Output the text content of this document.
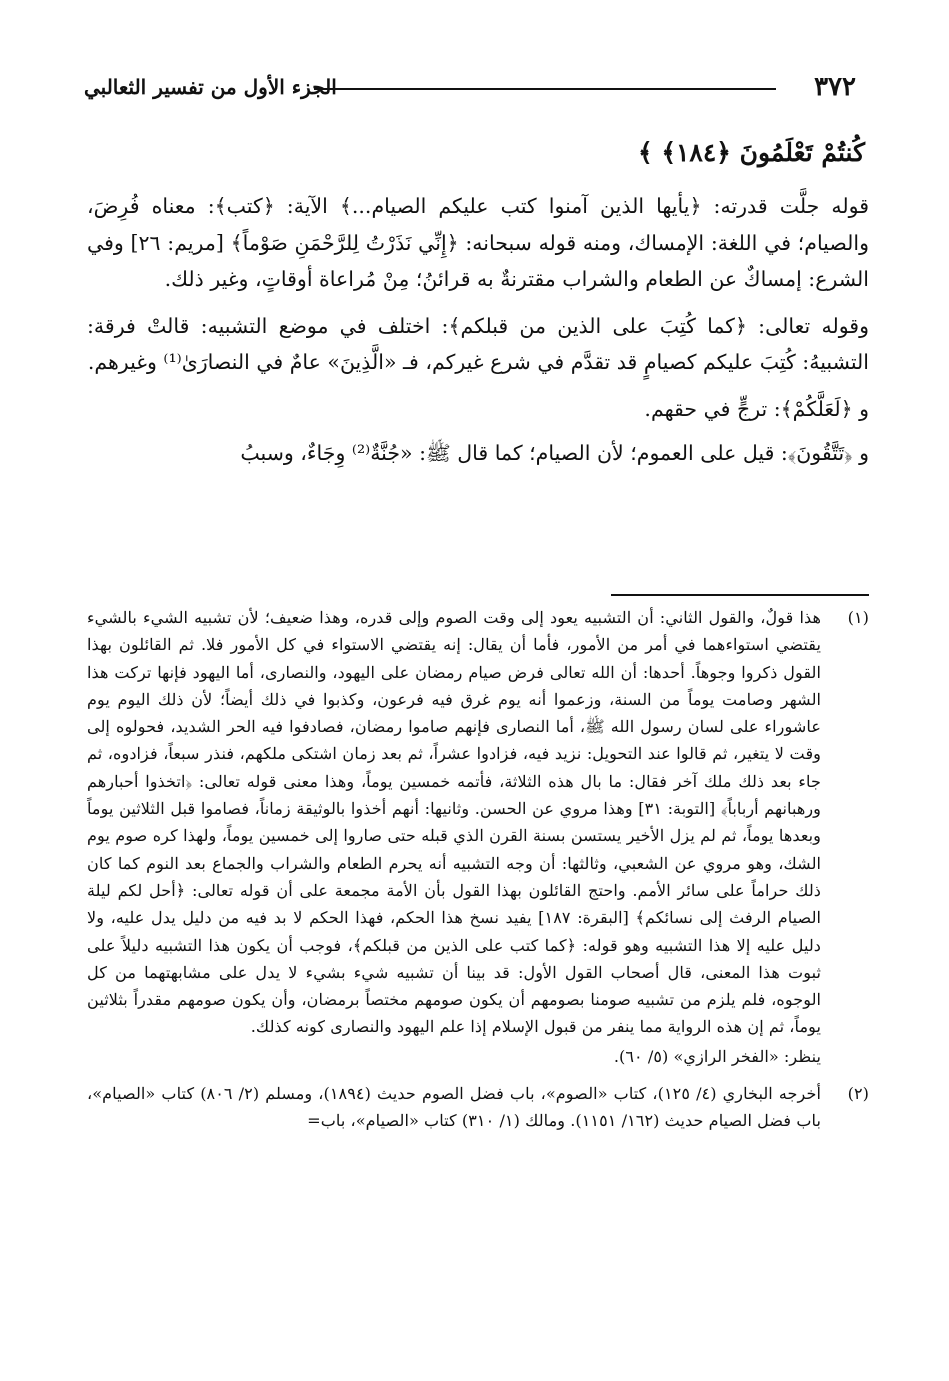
٣٧٢
الجزء الأول من تفسير الثعالبي
كُنتُمْ تَعْلَمُونَ ﴿١٨٤﴾ ﴾

قوله جلَّت قدرته: ﴿يأيها الذين آمنوا كتب عليكم الصيام...﴾ الآية: ﴿كتب﴾: معناه فُرِضَ، والصيام؛ في اللغة: الإمساك، ومنه قوله سبحانه: ﴿إِنِّي نَذَرْتُ لِلرَّحْمَنِ صَوْماً﴾ [مريم: ٢٦] وفي الشرع: إمساكٌ عن الطعام والشراب مقترنةٌ به قرائنُ؛ مِنْ مُراعاة أوقاتٍ، وغير ذلك.

وقوله تعالى: ﴿كما كُتِبَ على الذين من قبلكم﴾: اختلف في موضع التشبيه: قالتْ فرقة: التشبيهُ: كُتِبَ عليكم كصيامٍ قد تقدَّم في شرع غيركم، فـ «الَّذِينَ» عامٌ في النصارَىٰ⁽¹⁾ وغيرهم.

و ﴿لَعَلَّكُمْ﴾: ترجٍّ في حقهم.

و ﴿تَتَّقُونَ﴾: قيل على العموم؛ لأن الصيام؛ كما قال ﷺ: «جُنَّةٌ⁽²⁾ وِجَاءٌ، وسببُ

(١)
هذا قولٌ، والقول الثاني: أن التشبيه يعود إلى وقت الصوم وإلى قدره، وهذا ضعيف؛ لأن تشبيه الشيء بالشيء يقتضي استواءهما في أمر من الأمور، فأما أن يقال: إنه يقتضي الاستواء في كل الأمور فلا. ثم القائلون بهذا القول ذكروا وجوهاً. أحدها: أن الله تعالى فرض صيام رمضان على اليهود، والنصارى، أما اليهود فإنها تركت هذا الشهر وصامت يوماً من السنة، وزعموا أنه يوم غرق فيه فرعون، وكذبوا في ذلك أيضاً؛ لأن ذلك اليوم يوم عاشوراء على لسان رسول الله ﷺ، أما النصارى فإنهم صاموا رمضان، فصادفوا فيه الحر الشديد، فحولوه إلى وقت لا يتغير، ثم قالوا عند التحويل: نزيد فيه، فزادوا عشراً، ثم بعد زمان اشتكى ملكهم، فنذر سبعاً، فزادوه، ثم جاء بعد ذلك ملك آخر فقال: ما بال هذه الثلاثة، فأتمه خمسين يوماً، وهذا معنى قوله تعالى: ﴿اتخذوا أحبارهم ورهبانهم أرباباً﴾ [التوبة: ٣١] وهذا مروي عن الحسن. وثانيها: أنهم أخذوا بالوثيقة زماناً، فصاموا قبل الثلاثين يوماً وبعدها يوماً، ثم لم يزل الأخير يستسن بسنة القرن الذي قبله حتى صاروا إلى خمسين يوماً، ولهذا كره صوم يوم الشك، وهو مروي عن الشعبي، وثالثها: أن وجه التشبيه أنه يحرم الطعام والشراب والجماع بعد النوم كما كان ذلك حراماً على سائر الأمم. واحتج القائلون بهذا القول بأن الأمة مجمعة على أن قوله تعالى: ﴿أحل لكم ليلة الصيام الرفث إلى نسائكم﴾ [البقرة: ١٨٧] يفيد نسخ هذا الحكم، فهذا الحكم لا بد فيه من دليل يدل عليه، ولا دليل عليه إلا هذا التشبيه وهو قوله: ﴿كما كتب على الذين من قبلكم﴾، فوجب أن يكون هذا التشبيه دليلاً على ثبوت هذا المعنى، قال أصحاب القول الأول: قد بينا أن تشبيه شيء بشيء لا يدل على مشابهتهما من كل الوجوه، فلم يلزم من تشبيه صومنا بصومهم أن يكون صومهم مختصاً برمضان، وأن يكون صومهم مقدراً بثلاثين يوماً، ثم إن هذه الرواية مما ينفر من قبول الإسلام إذا علم اليهود والنصارى كونه كذلك.
ينظر: «الفخر الرازي» (٥/ ٦٠).
(٢)
أخرجه البخاري (٤/ ١٢٥)، كتاب «الصوم»، باب فضل الصوم حديث (١٨٩٤)، ومسلم (٢/ ٨٠٦) كتاب «الصيام»، باب فضل الصيام حديث (١٦٢/ ١١٥١). ومالك (١/ ٣١٠) كتاب «الصيام»، باب=
